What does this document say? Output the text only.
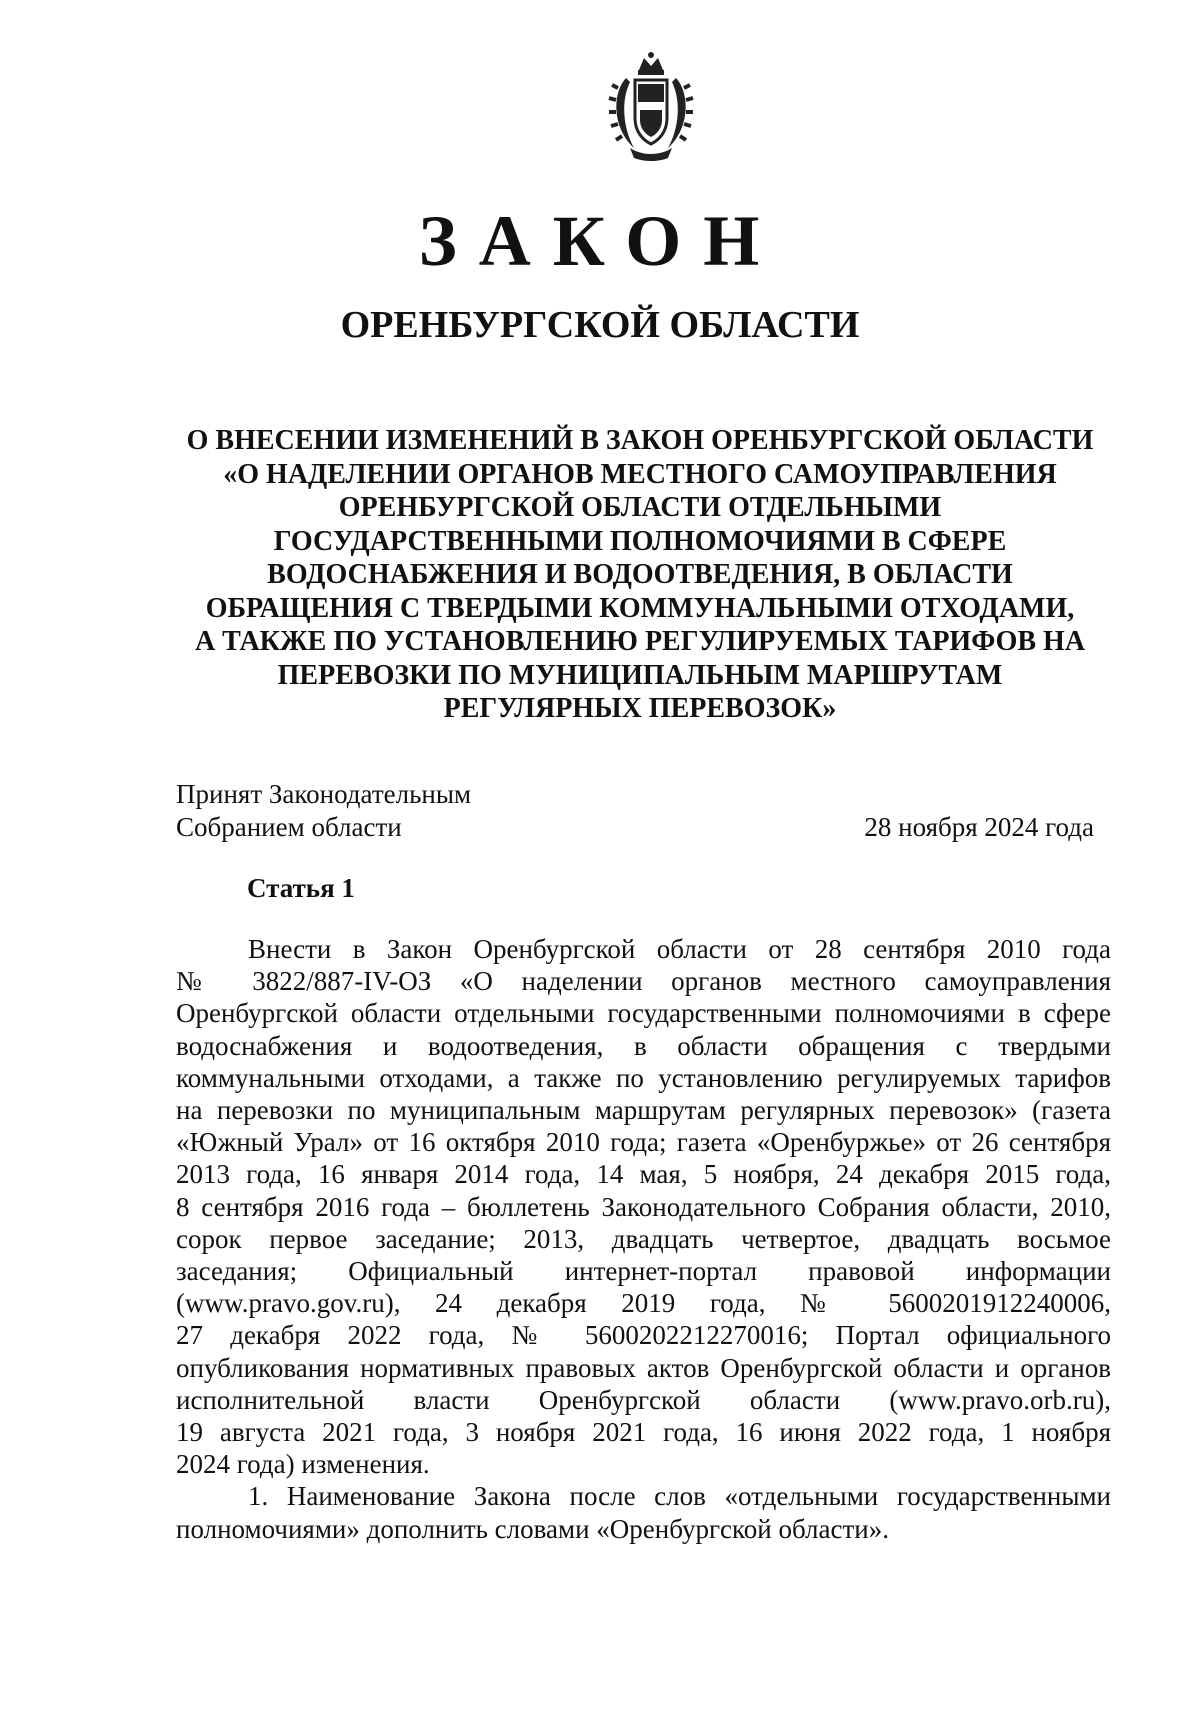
ЗАКОН
ОРЕНБУРГСКОЙ ОБЛАСТИ
О ВНЕСЕНИИ ИЗМЕНЕНИЙ В ЗАКОН ОРЕНБУРГСКОЙ ОБЛАСТИ
«О НАДЕЛЕНИИ ОРГАНОВ МЕСТНОГО САМОУПРАВЛЕНИЯ
ОРЕНБУРГСКОЙ ОБЛАСТИ ОТДЕЛЬНЫМИ
ГОСУДАРСТВЕННЫМИ ПОЛНОМОЧИЯМИ В СФЕРЕ
ВОДОСНАБЖЕНИЯ И ВОДООТВЕДЕНИЯ, В ОБЛАСТИ
ОБРАЩЕНИЯ С ТВЕРДЫМИ КОММУНАЛЬНЫМИ ОТХОДАМИ,
А ТАКЖЕ ПО УСТАНОВЛЕНИЮ РЕГУЛИРУЕМЫХ ТАРИФОВ НА
ПЕРЕВОЗКИ ПО МУНИЦИПАЛЬНЫМ МАРШРУТАМ
РЕГУЛЯРНЫХ ПЕРЕВОЗОК»
Принят Законодательным
Собранием области	28 ноября 2024 года
Статья 1
Внести в Закон Оренбургской области от 28 сентября 2010 года
№ 3822/887-IV-ОЗ «О наделении органов местного самоуправления
Оренбургской области отдельными государственными полномочиями в сфере
водоснабжения и водоотведения, в области обращения с твердыми
коммунальными отходами, а также по установлению регулируемых тарифов
на перевозки по муниципальным маршрутам регулярных перевозок» (газета
«Южный Урал» от 16 октября 2010 года; газета «Оренбуржье» от 26 сентября
2013 года, 16 января 2014 года, 14 мая, 5 ноября, 24 декабря 2015 года,
8 сентября 2016 года – бюллетень Законодательного Собрания области, 2010,
сорок первое заседание; 2013, двадцать четвертое, двадцать восьмое
заседания; Официальный интернет-портал правовой информации
(www.pravo.gov.ru), 24 декабря 2019 года, № 5600201912240006,
27 декабря 2022 года, № 5600202212270016; Портал официального
опубликования нормативных правовых актов Оренбургской области и органов
исполнительной власти Оренбургской области (www.pravo.orb.ru),
19 августа 2021 года, 3 ноября 2021 года, 16 июня 2022 года, 1 ноября
2024 года) изменения.
1. Наименование Закона после слов «отдельными государственными
полномочиями» дополнить словами «Оренбургской области».
